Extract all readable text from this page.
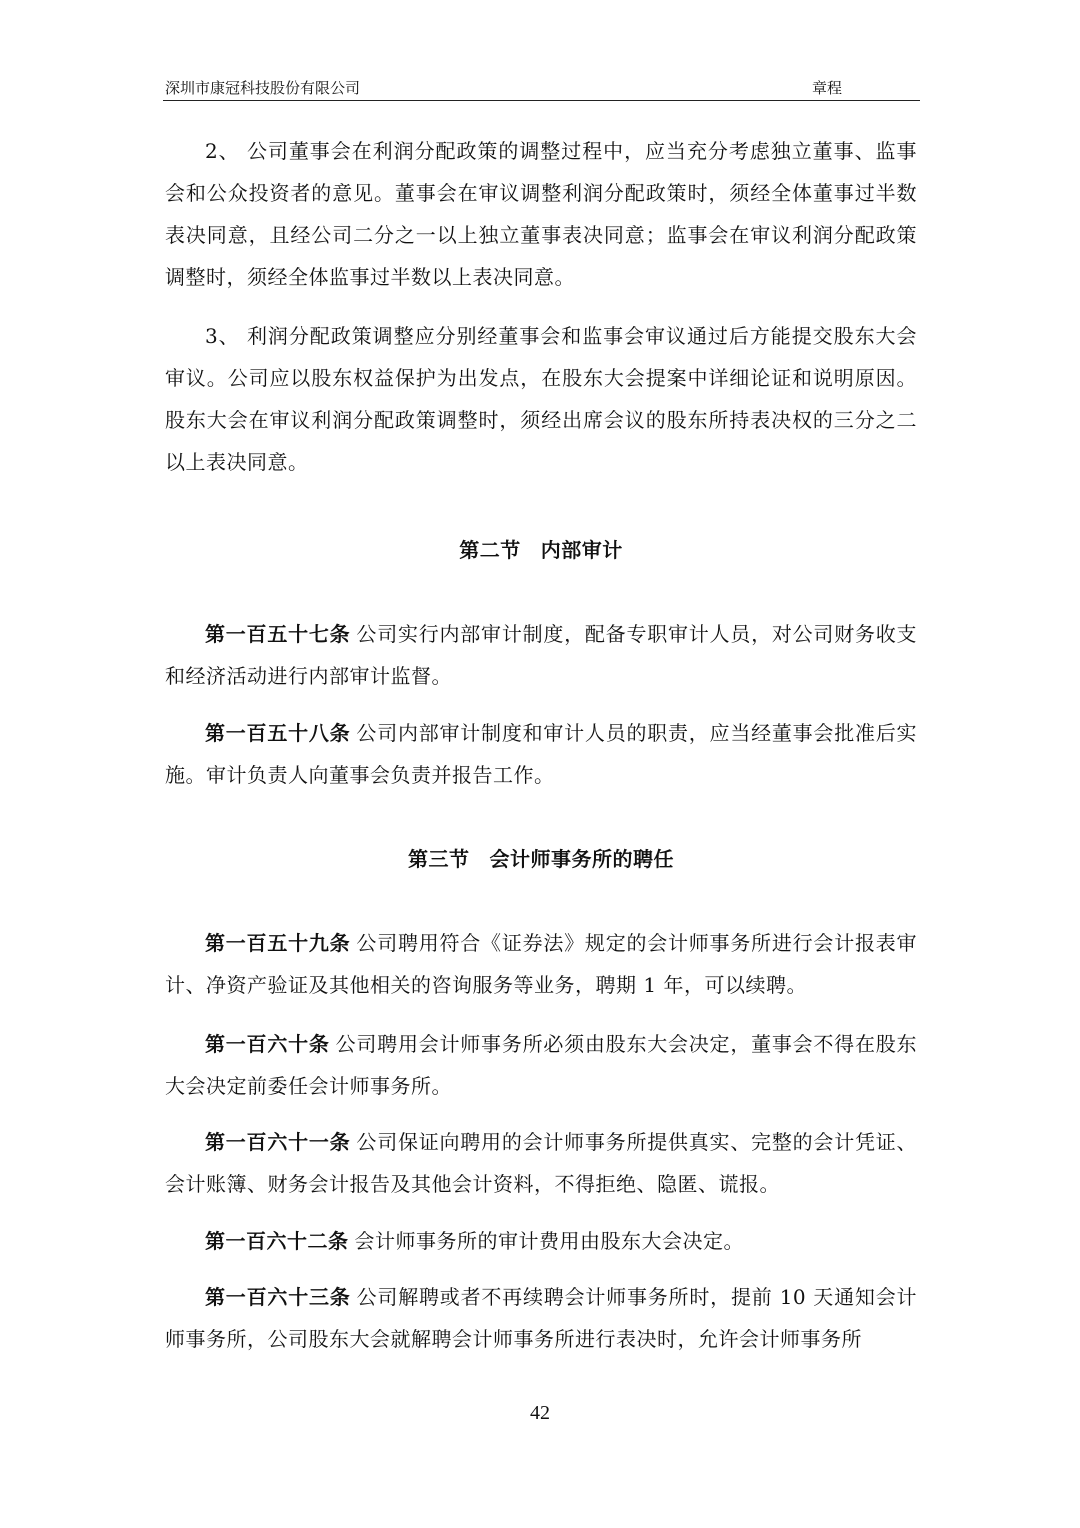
深圳市康冠科技股份有限公司	章程

2、 公司董事会在利润分配政策的调整过程中，应当充分考虑独立董事、监事会和公众投资者的意见。董事会在审议调整利润分配政策时，须经全体董事过半数表决同意，且经公司二分之一以上独立董事表决同意；监事会在审议利润分配政策调整时，须经全体监事过半数以上表决同意。

3、 利润分配政策调整应分别经董事会和监事会审议通过后方能提交股东大会审议。公司应以股东权益保护为出发点，在股东大会提案中详细论证和说明原因。股东大会在审议利润分配政策调整时，须经出席会议的股东所持表决权的三分之二以上表决同意。

第二节 内部审计

第一百五十七条 公司实行内部审计制度，配备专职审计人员，对公司财务收支和经济活动进行内部审计监督。

第一百五十八条 公司内部审计制度和审计人员的职责，应当经董事会批准后实施。审计负责人向董事会负责并报告工作。

第三节 会计师事务所的聘任

第一百五十九条 公司聘用符合《证券法》规定的会计师事务所进行会计报表审计、净资产验证及其他相关的咨询服务等业务，聘期 1 年，可以续聘。

第一百六十条 公司聘用会计师事务所必须由股东大会决定，董事会不得在股东大会决定前委任会计师事务所。

第一百六十一条 公司保证向聘用的会计师事务所提供真实、完整的会计凭证、会计账簿、财务会计报告及其他会计资料，不得拒绝、隐匿、谎报。

第一百六十二条 会计师事务所的审计费用由股东大会决定。

第一百六十三条 公司解聘或者不再续聘会计师事务所时，提前 10 天通知会计师事务所，公司股东大会就解聘会计师事务所进行表决时，允许会计师事务所

42
